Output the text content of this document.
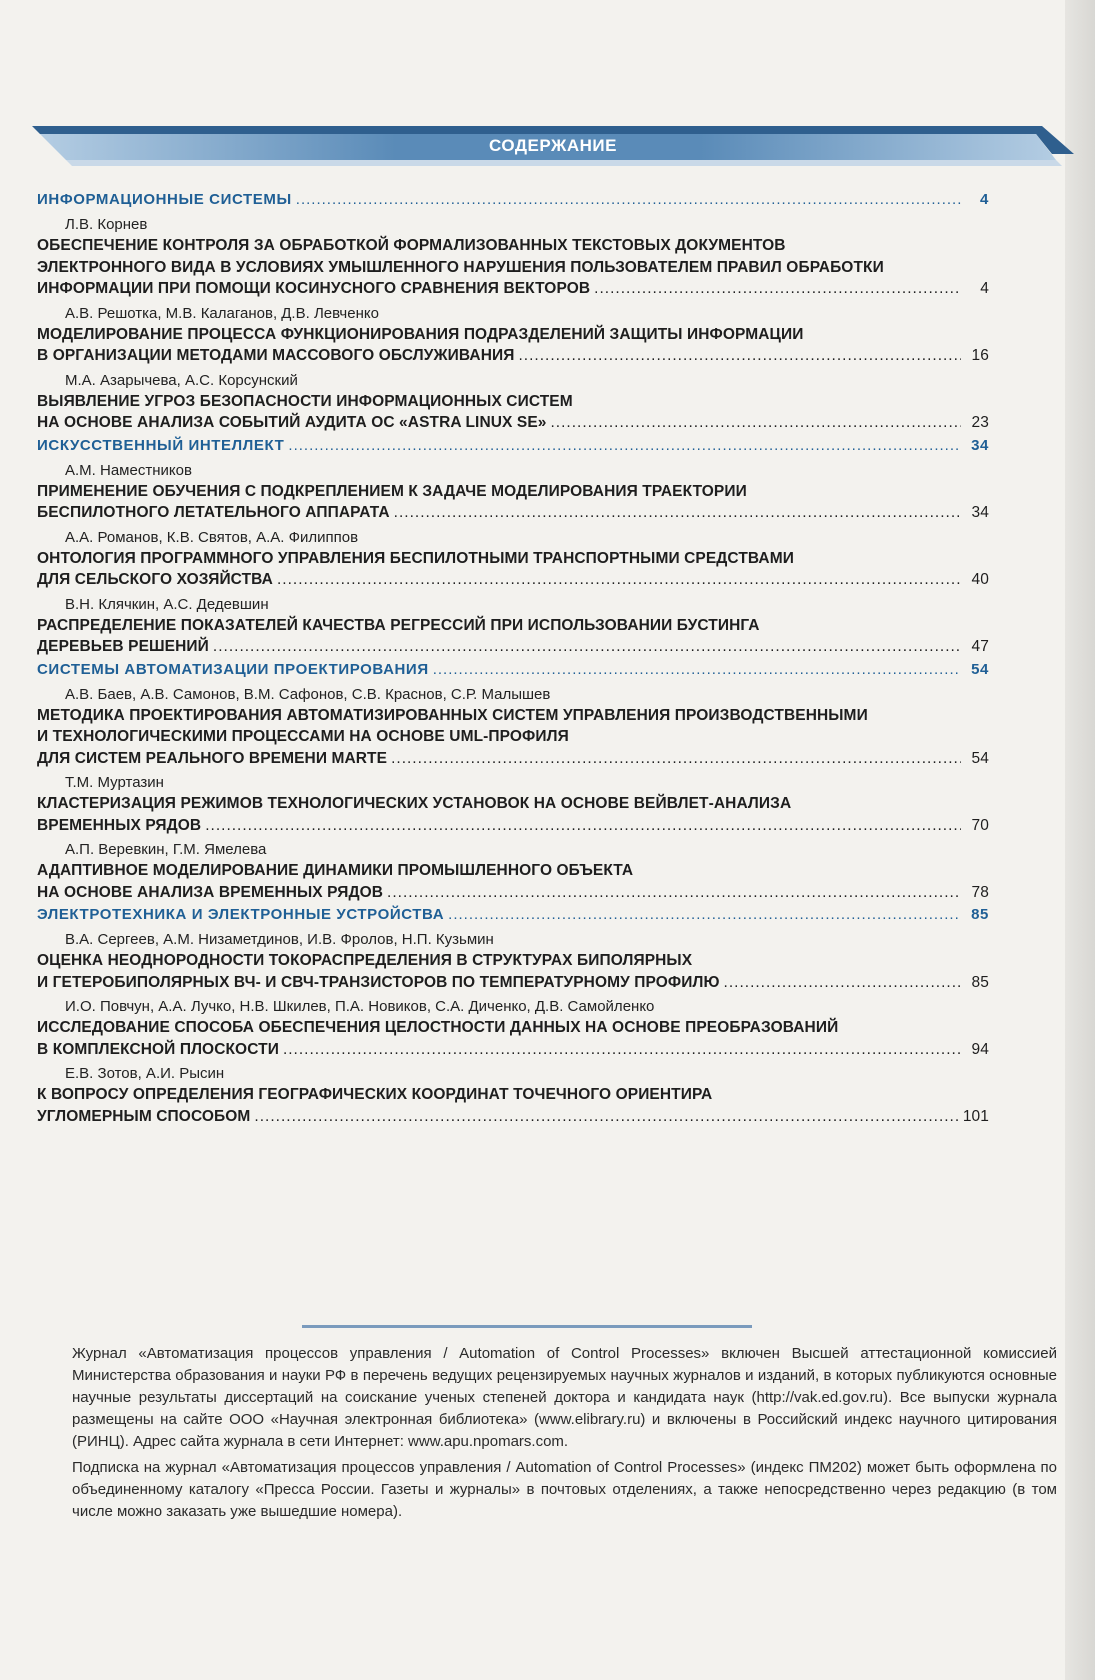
СОДЕРЖАНИЕ
ИНФОРМАЦИОННЫЕ СИСТЕМЫ .....	4
Л.В. Корнев
ОБЕСПЕЧЕНИЕ КОНТРОЛЯ ЗА ОБРАБОТКОЙ ФОРМАЛИЗОВАННЫХ ТЕКСТОВЫХ ДОКУМЕНТОВ
ЭЛЕКТРОННОГО ВИДА В УСЛОВИЯХ УМЫШЛЕННОГО НАРУШЕНИЯ ПОЛЬЗОВАТЕЛЕМ ПРАВИЛ ОБРАБОТКИ
ИНФОРМАЦИИ ПРИ ПОМОЩИ КОСИНУСНОГО СРАВНЕНИЯ ВЕКТОРОВ .....	4
А.В. Решотка, М.В. Калаганов, Д.В. Левченко
МОДЕЛИРОВАНИЕ ПРОЦЕССА ФУНКЦИОНИРОВАНИЯ ПОДРАЗДЕЛЕНИЙ ЗАЩИТЫ ИНФОРМАЦИИ
В ОРГАНИЗАЦИИ МЕТОДАМИ МАССОВОГО ОБСЛУЖИВАНИЯ .....	16
М.А. Азарычева, А.С. Корсунский
ВЫЯВЛЕНИЕ УГРОЗ БЕЗОПАСНОСТИ ИНФОРМАЦИОННЫХ СИСТЕМ
НА ОСНОВЕ АНАЛИЗА СОБЫТИЙ АУДИТА ОС «ASTRA LINUX SE» .....	23
ИСКУССТВЕННЫЙ ИНТЕЛЛЕКТ .....	34
А.М. Наместников
ПРИМЕНЕНИЕ ОБУЧЕНИЯ С ПОДКРЕПЛЕНИЕМ К ЗАДАЧЕ МОДЕЛИРОВАНИЯ ТРАЕКТОРИИ
БЕСПИЛОТНОГО ЛЕТАТЕЛЬНОГО АППАРАТА .....	34
А.А. Романов, К.В. Святов, А.А. Филиппов
ОНТОЛОГИЯ ПРОГРАММНОГО УПРАВЛЕНИЯ БЕСПИЛОТНЫМИ ТРАНСПОРТНЫМИ СРЕДСТВАМИ
ДЛЯ СЕЛЬСКОГО ХОЗЯЙСТВА .....	40
В.Н. Клячкин, А.С. Дедевшин
РАСПРЕДЕЛЕНИЕ ПОКАЗАТЕЛЕЙ КАЧЕСТВА РЕГРЕССИЙ ПРИ ИСПОЛЬЗОВАНИИ БУСТИНГА
ДЕРЕВЬЕВ РЕШЕНИЙ .....	47
СИСТЕМЫ АВТОМАТИЗАЦИИ ПРОЕКТИРОВАНИЯ .....	54
А.В. Баев, А.В. Самонов, В.М. Сафонов, С.В. Краснов, С.Р. Малышев
МЕТОДИКА ПРОЕКТИРОВАНИЯ АВТОМАТИЗИРОВАННЫХ СИСТЕМ УПРАВЛЕНИЯ ПРОИЗВОДСТВЕННЫМИ
И ТЕХНОЛОГИЧЕСКИМИ ПРОЦЕССАМИ НА ОСНОВЕ UML-ПРОФИЛЯ
ДЛЯ СИСТЕМ РЕАЛЬНОГО ВРЕМЕНИ MARTE .....	54
Т.М. Муртазин
КЛАСТЕРИЗАЦИЯ РЕЖИМОВ ТЕХНОЛОГИЧЕСКИХ УСТАНОВОК НА ОСНОВЕ ВЕЙВЛЕТ-АНАЛИЗА
ВРЕМЕННЫХ РЯДОВ .....	70
А.П. Веревкин, Г.М. Ямелева
АДАПТИВНОЕ МОДЕЛИРОВАНИЕ ДИНАМИКИ ПРОМЫШЛЕННОГО ОБЪЕКТА
НА ОСНОВЕ АНАЛИЗА ВРЕМЕННЫХ РЯДОВ .....	78
ЭЛЕКТРОТЕХНИКА И ЭЛЕКТРОННЫЕ УСТРОЙСТВА .....	85
В.А. Сергеев, А.М. Низаметдинов, И.В. Фролов, Н.П. Кузьмин
ОЦЕНКА НЕОДНОРОДНОСТИ ТОКОРАСПРЕДЕЛЕНИЯ В СТРУКТУРАХ БИПОЛЯРНЫХ
И ГЕТЕРОБИПОЛЯРНЫХ ВЧ- И СВЧ-ТРАНЗИСТОРОВ ПО ТЕМПЕРАТУРНОМУ ПРОФИЛЮ .....	85
И.О. Повчун, А.А. Лучко, Н.В. Шкилев, П.А. Новиков, С.А. Диченко, Д.В. Самойленко
ИССЛЕДОВАНИЕ СПОСОБА ОБЕСПЕЧЕНИЯ ЦЕЛОСТНОСТИ ДАННЫХ НА ОСНОВЕ ПРЕОБРАЗОВАНИЙ
В КОМПЛЕКСНОЙ ПЛОСКОСТИ .....	94
Е.В. Зотов, А.И. Рысин
К ВОПРОСУ ОПРЕДЕЛЕНИЯ ГЕОГРАФИЧЕСКИХ КООРДИНАТ ТОЧЕЧНОГО ОРИЕНТИРА
УГЛОМЕРНЫМ СПОСОБОМ .....	101

Журнал «Автоматизация процессов управления / Automation of Control Processes» включен Высшей аттестационной комиссией Министерства образования и науки РФ в перечень ведущих рецензируемых научных журналов и изданий, в которых публикуются основные научные результаты диссертаций на соискание ученых степеней доктора и кандидата наук (http://vak.ed.gov.ru). Все выпуски журнала размещены на сайте ООО «Научная электронная библиотека» (www.elibrary.ru) и включены в Российский индекс научного цитирования (РИНЦ). Адрес сайта журнала в сети Интернет: www.apu.npomars.com.

Подписка на журнал «Автоматизация процессов управления / Automation of Control Processes» (индекс ПМ202) может быть оформлена по объединенному каталогу «Пресса России. Газеты и журналы» в почтовых отделениях, а также непосредственно через редакцию (в том числе можно заказать уже вышедшие номера).
